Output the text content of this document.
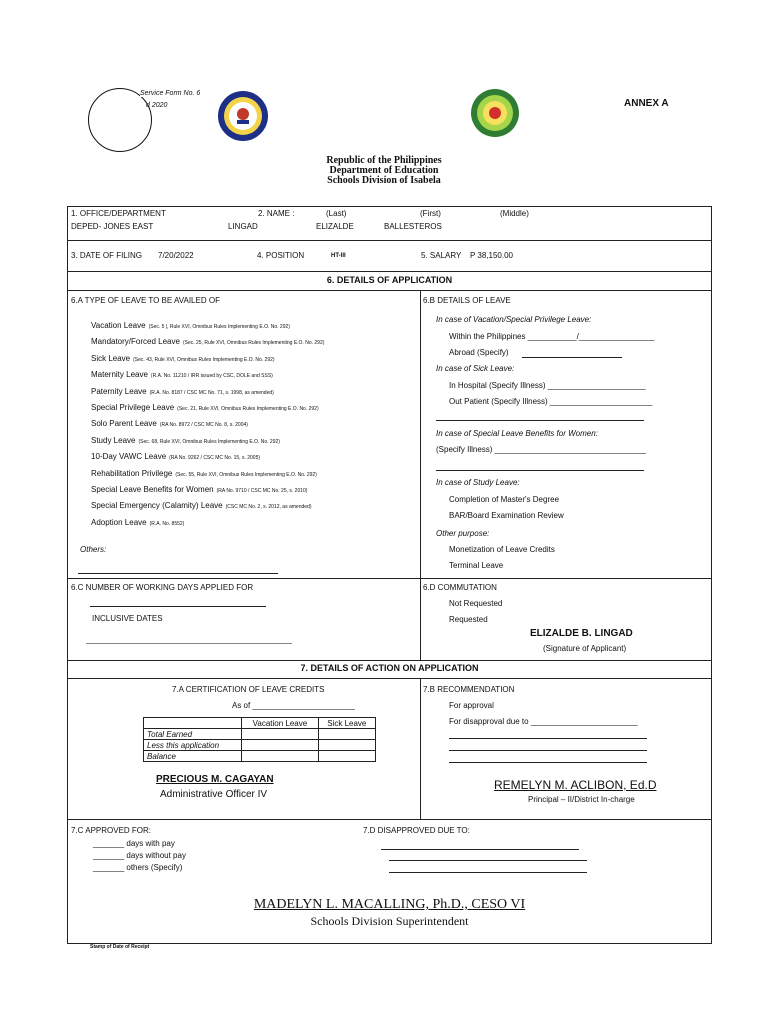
Service Form No. 6
d 2020	ANNEX A
Republic of the Philippines
Department of Education
Schools Division of Isabela
1. OFFICE/DEPARTMENT	2. NAME :	(Last)	(First)	(Middle)
DEPED- JONES EAST	LINGAD	ELIZALDE	BALLESTEROS
3. DATE OF FILING 7/20/2022	4. POSITION	HT-III	5. SALARY P 38,150.00
6. DETAILS OF APPLICATION
6.A TYPE OF LEAVE TO BE AVAILED OF
Vacation Leave (Sec. 5 |, Rule XVI, Omnibus Rules Implementing E.O. No. 292)
Mandatory/Forced Leave (Sec. 25, Rule XVI, Omnibus Rules Implementing E.O. No. 292)
Sick Leave (Sec. 43, Rule XVI, Omnibus Rules Implementing E.O. No. 292)
Maternity Leave (R.A. No. 11210 / IRR issued by CSC, DOLE and SSS)
Paternity Leave (R.A. No. 8187 / CSC MC No. 71, s. 1998, as amended)
Special Privilege Leave (Sec. 21, Rule XVI, Omnibus Rules Implementing E.O. No. 292)
Solo Parent Leave (RA No. 8972 / CSC MC No. 8, s. 2004)
Study Leave (Sec. 68, Rule XVI, Omnibus Rules Implementing E.O. No. 292)
10-Day VAWC Leave (RA No. 9262 / CSC MC No. 15, s. 2005)
Rehabilitation Privilege (Sec. 55, Rule XVI, Omnibus Rules Implementing E.O. No. 292)
Special Leave Benefits for Women (RA No. 9710 / CSC MC No. 25, s. 2010)
Special Emergency (Calamity) Leave (CSC MC No. 2, s. 2012, as amended)
Adoption Leave (R.A. No. 8552)
Others:
6.B DETAILS OF LEAVE
In case of Vacation/Special Privilege Leave:
Within the Philippines ___________/_________________
Abroad (Specify)
In case of Sick Leave:
In Hospital (Specify Illness) ______________________
Out Patient (Specify Illness) _______________________
In case of Special Leave Benefits for Women:
(Specify Illness) __________________________________
In case of Study Leave:
Completion of Master's Degree
BAR/Board Examination Review
Other purpose:
Monetization of Leave Credits
Terminal Leave
6.C NUMBER OF WORKING DAYS APPLIED FOR
INCLUSIVE DATES
6.D COMMUTATION
Not Requested
Requested
ELIZALDE B. LINGAD
(Signature of Applicant)
7. DETAILS OF ACTION ON APPLICATION
7.A CERTIFICATION OF LEAVE CREDITS
As of _______________________
	Vacation Leave	Sick Leave
Total Earned		
Less this application		
Balance		
PRECIOUS M. CAGAYAN
Administrative Officer IV
7.B RECOMMENDATION
For approval
For disapproval due to ________________________
REMELYN M. ACLIBON, Ed.D
Principal – II/District In-charge
7.C APPROVED FOR:
_______ days with pay
_______ days without pay
_______ others (Specify)
7.D DISAPPROVED DUE TO:
MADELYN L. MACALLING, Ph.D., CESO VI
Schools Division Superintendent
Stamp of Date of Receipt
